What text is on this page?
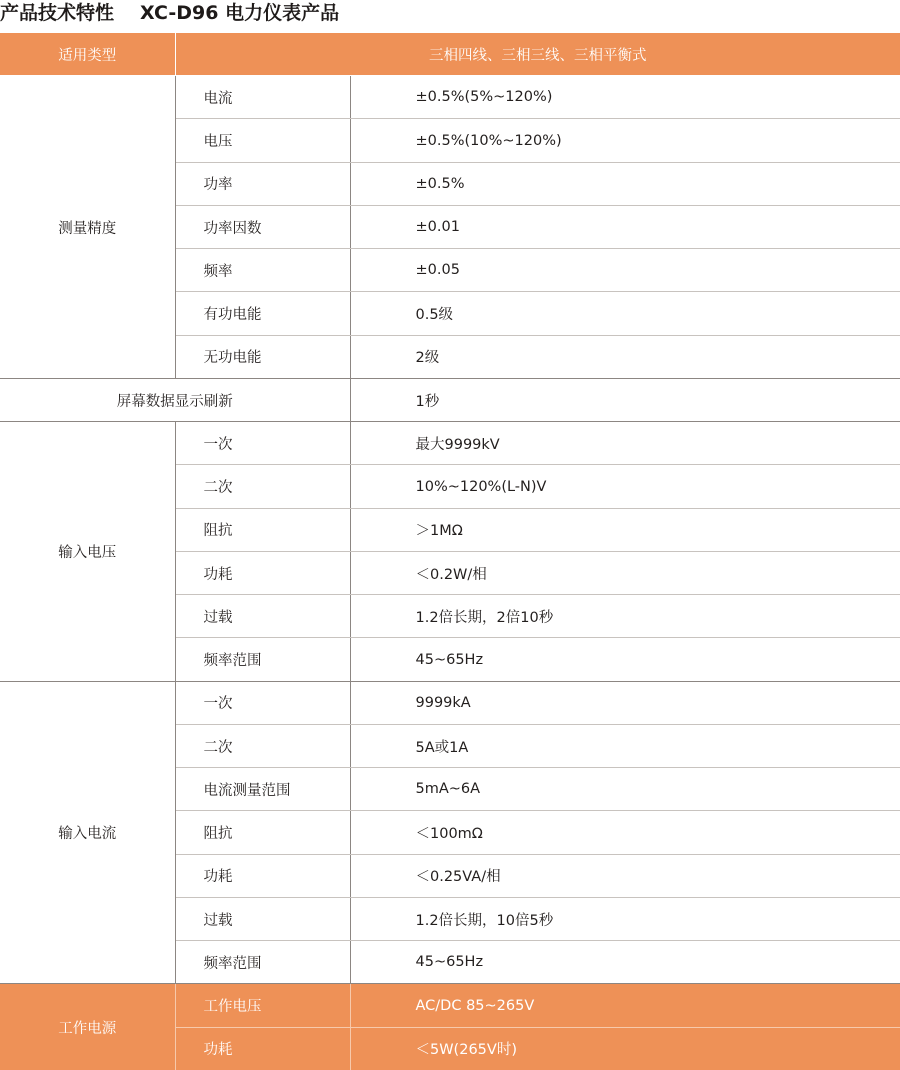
产品技术特性 XC-D96 电力仪表产品
适用类型	三相四线、三相三线、三相平衡式	
测量精度	电流	±0.5%(5%~120%)
	电压	±0.5%(10%~120%)
	功率	±0.5%
	功率因数	±0.01
	频率	±0.05
	有功电能	0.5级
	无功电能	2级
屏幕数据显示刷新		1秒
输入电压	一次	最大9999kV
	二次	10%~120%(L-N)V
	阻抗	＞1MΩ
	功耗	＜0.2W/相
	过载	1.2倍长期，2倍10秒
	频率范围	45~65Hz
输入电流	一次	9999kA
	二次	5A或1A
	电流测量范围	5mA~6A
	阻抗	＜100mΩ
	功耗	＜0.25VA/相
	过载	1.2倍长期，10倍5秒
	频率范围	45~65Hz
工作电源	工作电压	AC/DC 85~265V
	功耗	＜5W(265V时)
